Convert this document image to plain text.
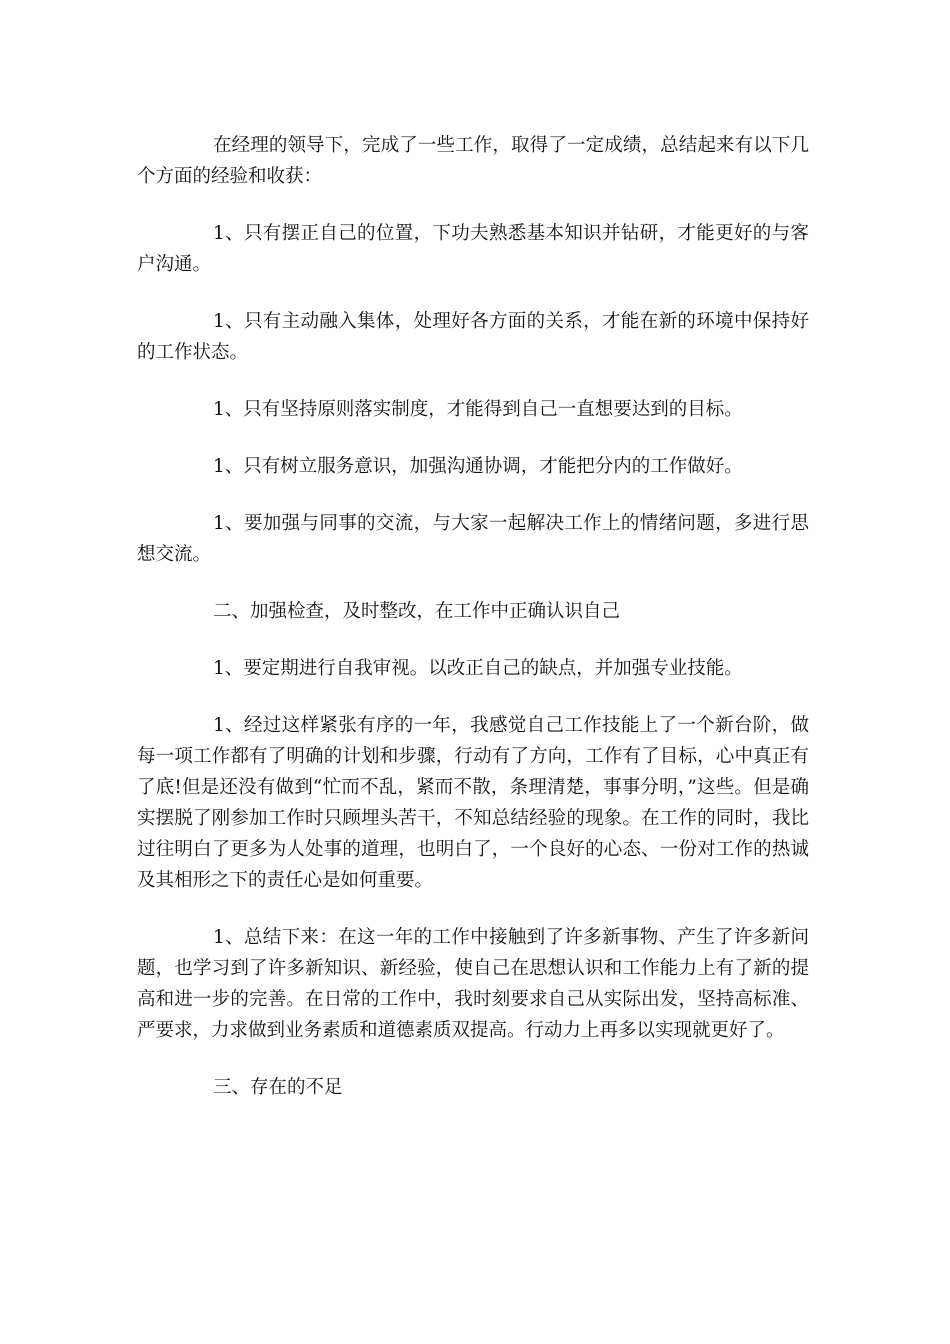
在经理的领导下，完成了一些工作，取得了一定成绩，总结起来有以下几个方面的经验和收获：

1、只有摆正自己的位置，下功夫熟悉基本知识并钻研，才能更好的与客户沟通。

1、只有主动融入集体，处理好各方面的关系，才能在新的环境中保持好的工作状态。

1、只有坚持原则落实制度，才能得到自己一直想要达到的目标。

1、只有树立服务意识，加强沟通协调，才能把分内的工作做好。

1、要加强与同事的交流，与大家一起解决工作上的情绪问题，多进行思想交流。

二、加强检查，及时整改，在工作中正确认识自己

1、要定期进行自我审视。以改正自己的缺点，并加强专业技能。

1、经过这样紧张有序的一年，我感觉自己工作技能上了一个新台阶，做每一项工作都有了明确的计划和步骤，行动有了方向，工作有了目标，心中真正有了底!但是还没有做到“忙而不乱，紧而不散，条理清楚，事事分明，”这些。但是确实摆脱了刚参加工作时只顾埋头苦干，不知总结经验的现象。在工作的同时，我比过往明白了更多为人处事的道理，也明白了，一个良好的心态、一份对工作的热诚及其相形之下的责任心是如何重要。

1、总结下来：在这一年的工作中接触到了许多新事物、产生了许多新问题，也学习到了许多新知识、新经验，使自己在思想认识和工作能力上有了新的提高和进一步的完善。在日常的工作中，我时刻要求自己从实际出发，坚持高标准、严要求，力求做到业务素质和道德素质双提高。行动力上再多以实现就更好了。

三、存在的不足
